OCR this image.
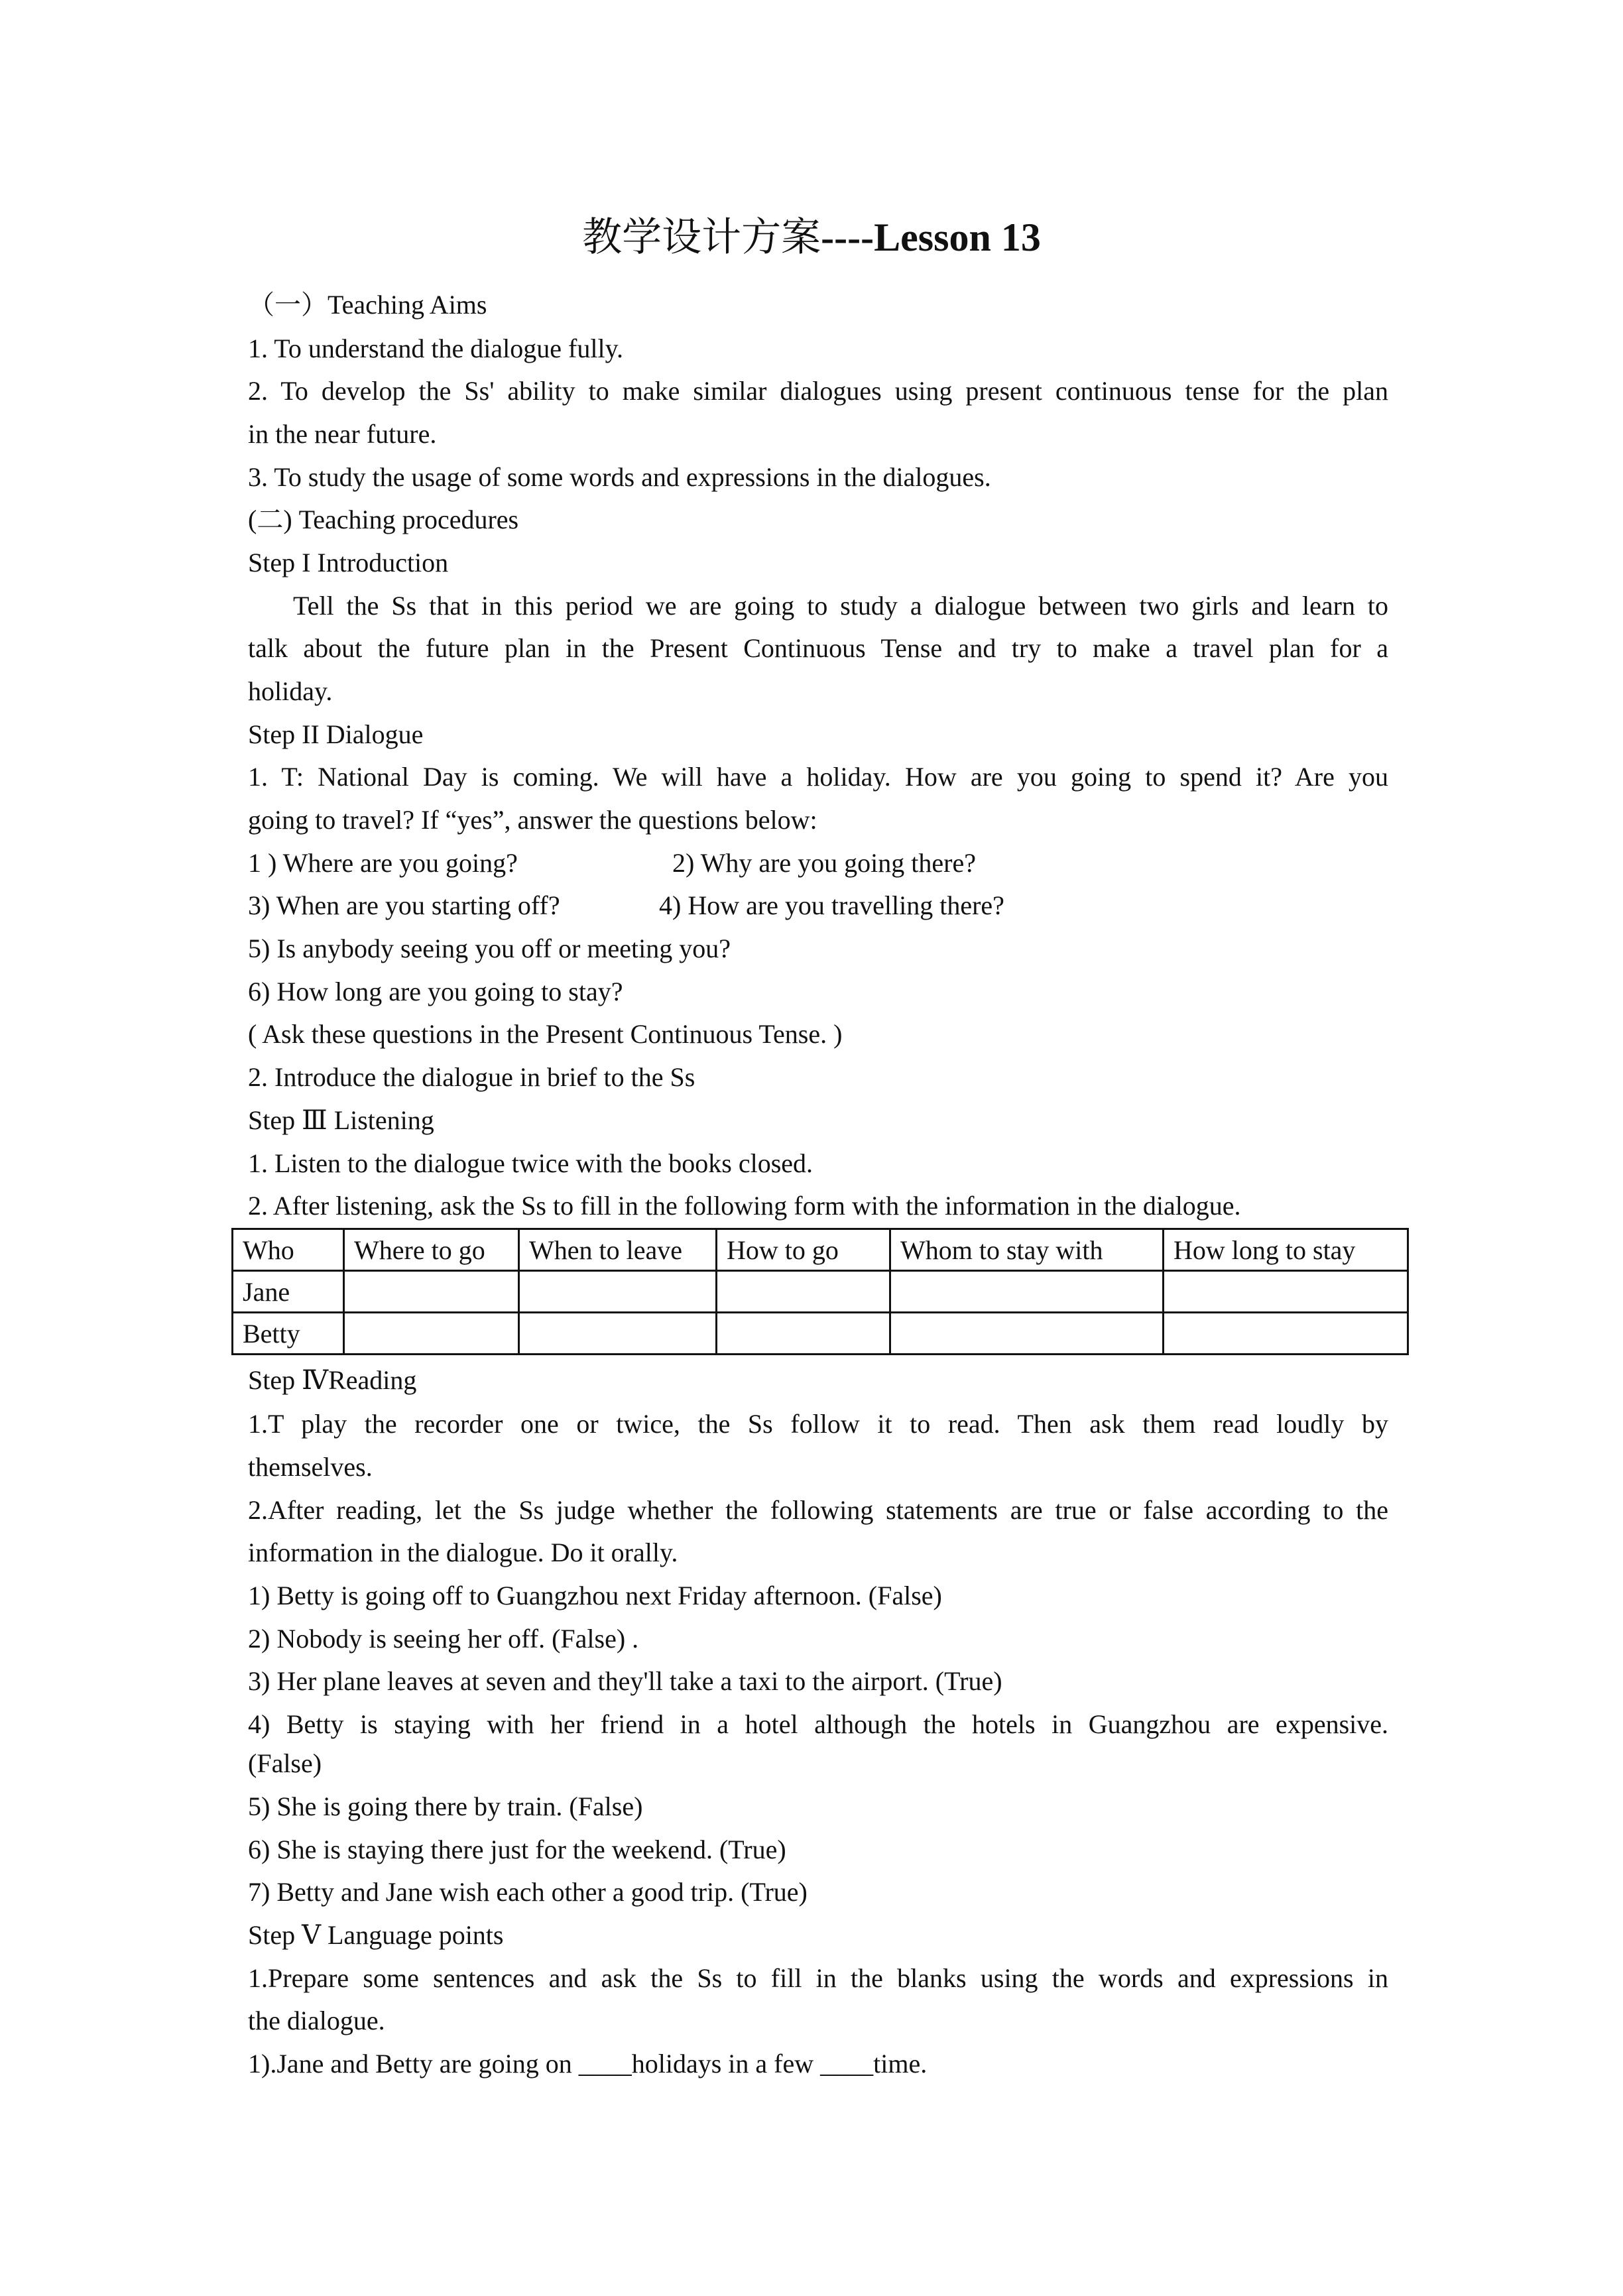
教学设计方案----Lesson 13
（一）Teaching Aims
1. To understand the dialogue fully.
2. To develop the Ss' ability to make similar dialogues using present continuous tense for the plan
in the near future.
3. To study the usage of some words and expressions in the dialogues.
(二) Teaching procedures
Step I Introduction
Tell the Ss that in this period we are going to study a dialogue between two girls and learn to
talk about the future plan in the Present Continuous Tense and try to make a travel plan for a
holiday.
Step II Dialogue
1. T: National Day is coming. We will have a holiday. How are you going to spend it? Are you
going to travel? If “yes”, answer the questions below:
1 ) Where are you going?	2) Why are you going there?
3) When are you starting off?	4) How are you travelling there?
5) Is anybody seeing you off or meeting you?
6) How long are you going to stay?
( Ask these questions in the Present Continuous Tense. )
2. Introduce the dialogue in brief to the Ss
Step Ⅲ Listening
1. Listen to the dialogue twice with the books closed.
2. After listening, ask the Ss to fill in the following form with the information in the dialogue.
Who	Where to go	When to leave	How to go	Whom to stay with	How long to stay
Jane					
Betty					
Step ⅣReading
1.T play the recorder one or twice, the Ss follow it to read. Then ask them read loudly by
themselves.
2.After reading, let the Ss judge whether the following statements are true or false according to the
information in the dialogue. Do it orally.
1) Betty is going off to Guangzhou next Friday afternoon. (False)
2) Nobody is seeing her off. (False) .
3) Her plane leaves at seven and they'll take a taxi to the airport. (True)
4) Betty is staying with her friend in a hotel although the hotels in Guangzhou are expensive.
(False)
5) She is going there by train. (False)
6) She is staying there just for the weekend. (True)
7) Betty and Jane wish each other a good trip. (True)
Step Ⅴ Language points
1.Prepare some sentences and ask the Ss to fill in the blanks using the words and expressions in
the dialogue.
1).Jane and Betty are going on ____holidays in a few ____time.
